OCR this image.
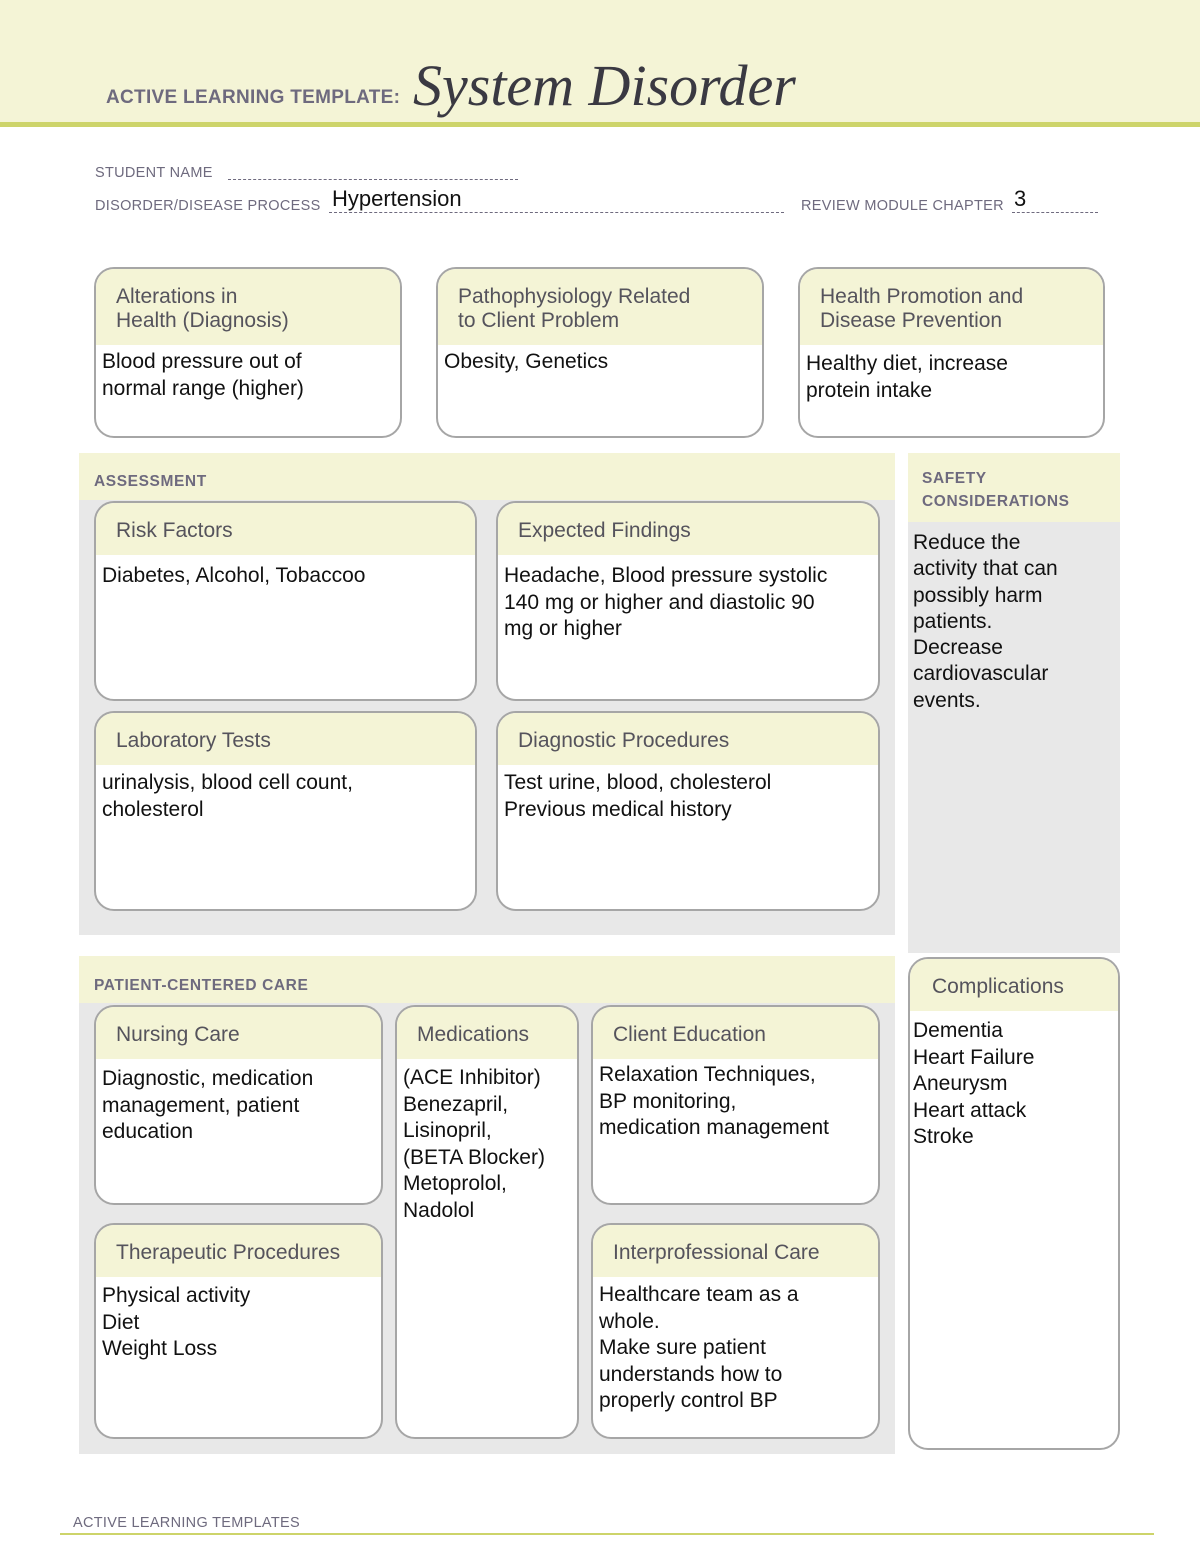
ACTIVE LEARNING TEMPLATE: System Disorder
STUDENT NAME
DISORDER/DISEASE PROCESS Hypertension	REVIEW MODULE CHAPTER 3
Alterations in
Health (Diagnosis)
Blood pressure out of
normal range (higher)
Pathophysiology Related
to Client Problem
Obesity, Genetics
Health Promotion and
Disease Prevention
Healthy diet, increase
protein intake
ASSESSMENT
Risk Factors
Diabetes, Alcohol, Tobaccoo
Expected Findings
Headache, Blood pressure systolic
140 mg or higher and diastolic 90
mg or higher
Laboratory Tests
urinalysis, blood cell count,
cholesterol
Diagnostic Procedures
Test urine, blood, cholesterol
Previous medical history
SAFETY
CONSIDERATIONS
Reduce the
activity that can
possibly harm
patients.
Decrease
cardiovascular
events.
Complications
Dementia
Heart Failure
Aneurysm
Heart attack
Stroke
PATIENT-CENTERED CARE
Nursing Care
Diagnostic, medication
management, patient
education
Medications
(ACE Inhibitor)
Benezapril,
Lisinopril,
(BETA Blocker)
Metoprolol,
Nadolol
Client Education
Relaxation Techniques,
BP monitoring,
medication management
Therapeutic Procedures
Physical activity
Diet
Weight Loss
Interprofessional Care
Healthcare team as a
whole.
Make sure patient
understands how to
properly control BP
ACTIVE LEARNING TEMPLATES
